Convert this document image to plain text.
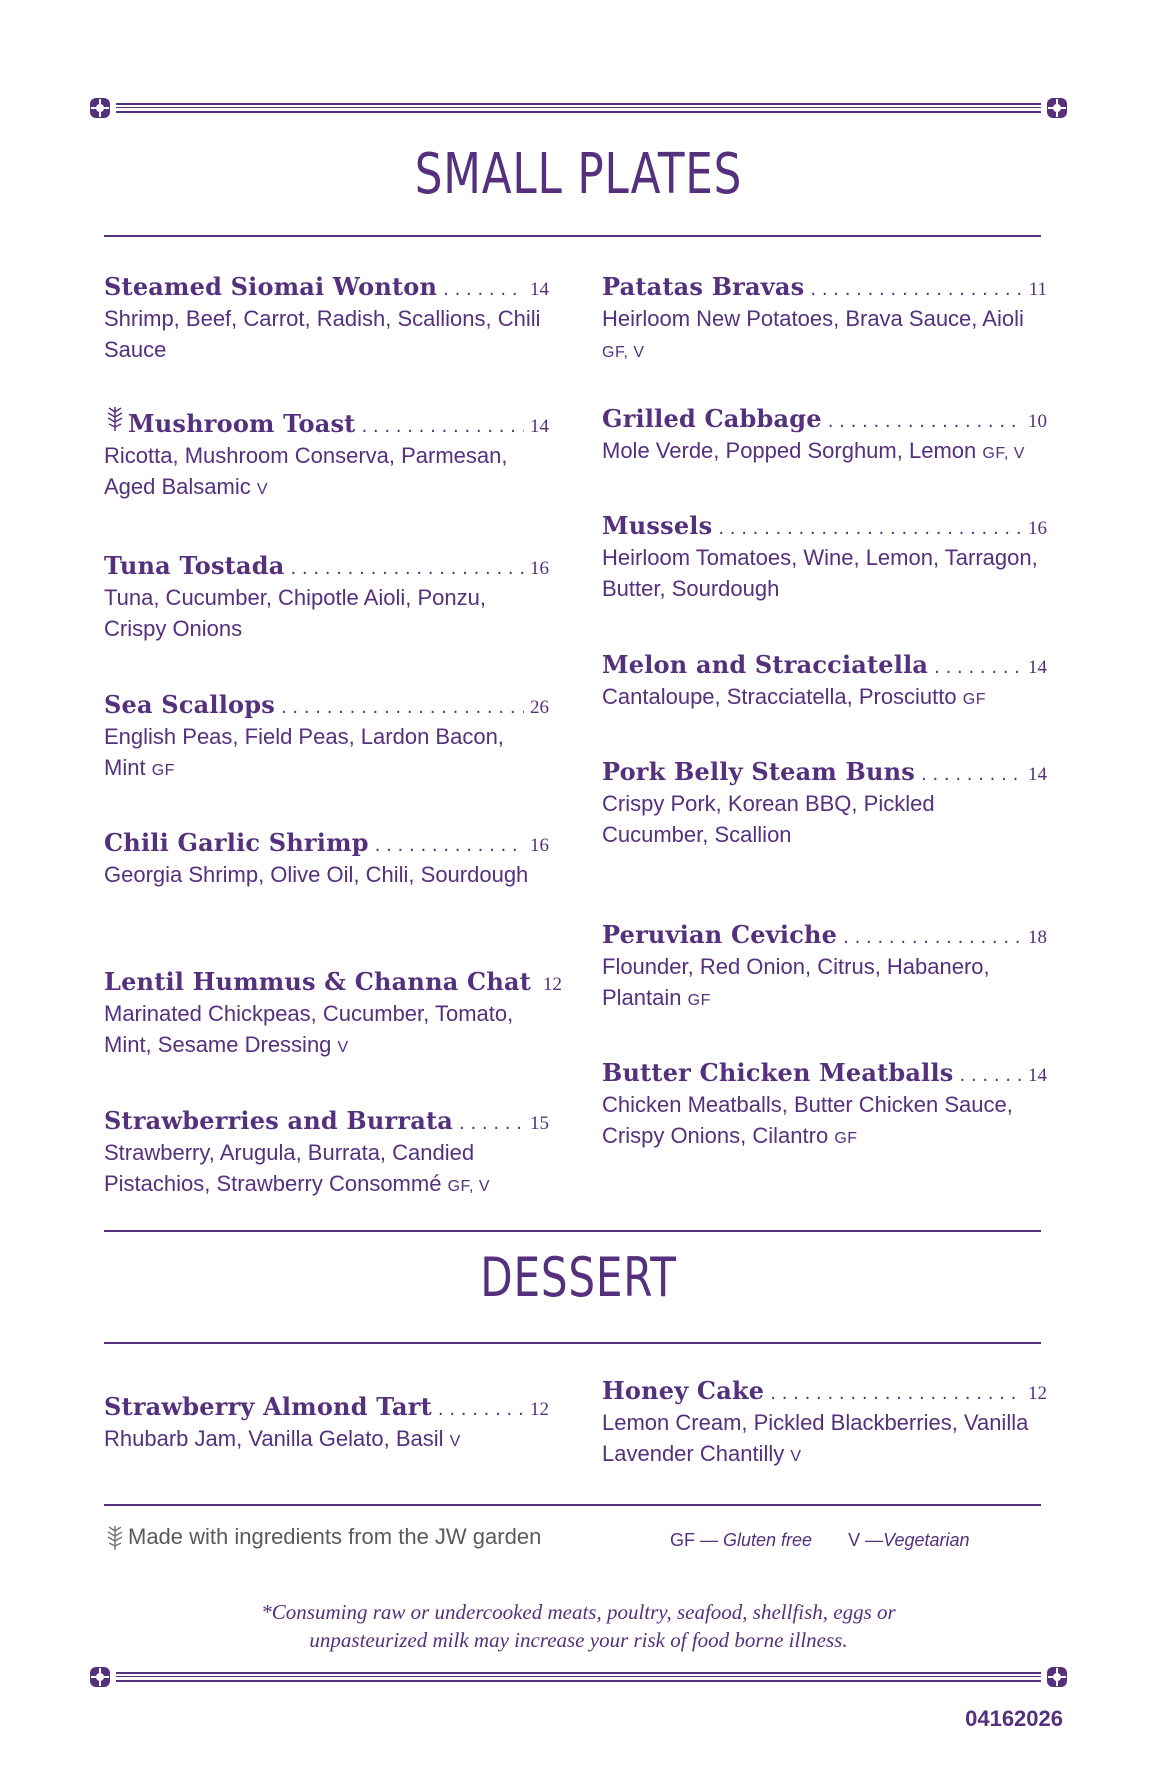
SMALL PLATES
Steamed Siomai Wonton . . .	14
Shrimp, Beef, Carrot, Radish, Scallions, Chili Sauce
Mushroom Toast . . .	14
Ricotta, Mushroom Conserva, Parmesan, Aged Balsamic V
Tuna Tostada . . .	16
Tuna, Cucumber, Chipotle Aioli, Ponzu, Crispy Onions
Sea Scallops . . .	26
English Peas, Field Peas, Lardon Bacon, Mint GF
Chili Garlic Shrimp . . .	16
Georgia Shrimp, Olive Oil, Chili, Sourdough
Lentil Hummus & Channa Chat 12
Marinated Chickpeas, Cucumber, Tomato, Mint, Sesame Dressing V
Strawberries and Burrata . . .	15
Strawberry, Arugula, Burrata, Candied Pistachios, Strawberry Consommé GF, V
Patatas Bravas . . .	11
Heirloom New Potatoes, Brava Sauce, Aioli
GF, V
Grilled Cabbage . . .	10
Mole Verde, Popped Sorghum, Lemon GF, V
Mussels . . .	16
Heirloom Tomatoes, Wine, Lemon, Tarragon, Butter, Sourdough
Melon and Stracciatella . . .	14
Cantaloupe, Stracciatella, Prosciutto GF
Pork Belly Steam Buns . . .	14
Crispy Pork, Korean BBQ, Pickled Cucumber, Scallion
Peruvian Ceviche . . .	18
Flounder, Red Onion, Citrus, Habanero, Plantain GF
Butter Chicken Meatballs . . .	14
Chicken Meatballs, Butter Chicken Sauce, Crispy Onions, Cilantro GF
DESSERT
Strawberry Almond Tart . . .	12
Rhubarb Jam, Vanilla Gelato, Basil V
Honey Cake . . .	12
Lemon Cream, Pickled Blackberries, Vanilla Lavender Chantilly V
Made with ingredients from the JW garden	GF — Gluten free V —Vegetarian
*Consuming raw or undercooked meats, poultry, seafood, shellfish, eggs or
unpasteurized milk may increase your risk of food borne illness.
04162026
